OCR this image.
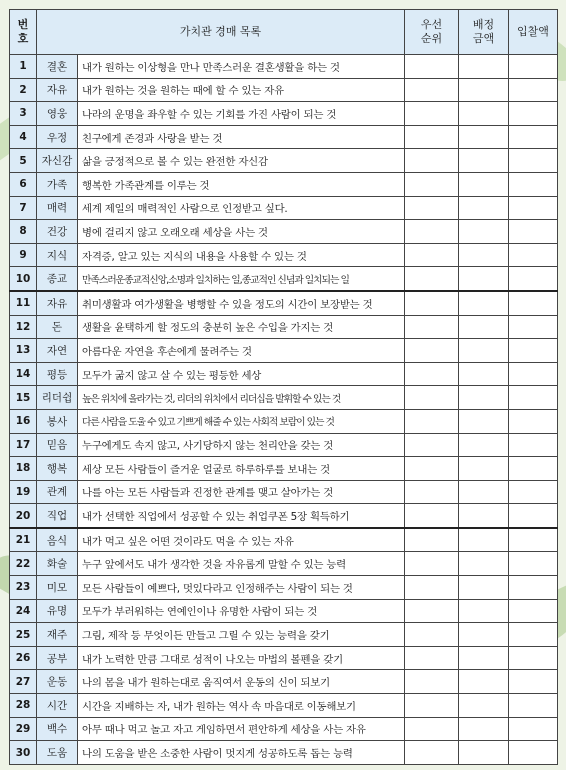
번호	가치관 경매 목록		우선순위	배정금액	입찰액
1	결혼	내가 원하는 이상형을 만나 만족스러운 결혼생활을 하는 것			
2	자유	내가 원하는 것을 원하는 때에 할 수 있는 자유			
3	영웅	나라의 운명을 좌우할 수 있는 기회를 가진 사람이 되는 것			
4	우정	친구에게 존경과 사랑을 받는 것			
5	자신감	삶을 긍정적으로 볼 수 있는 완전한 자신감			
6	가족	행복한 가족관계를 이루는 것			
7	매력	세계 제일의 매력적인 사람으로 인정받고 싶다.			
8	건강	병에 걸리지 않고 오래오래 세상을 사는 것			
9	지식	자격증, 알고 있는 지식의 내용을 사용할 수 있는 것			
10	종교	만족스러운종교적신앙,소명과 일치하는 일,종교적인 신념과 일치되는 일			
11	자유	취미생활과 여가생활을 병행할 수 있을 정도의 시간이 보장받는 것			
12	돈	생활을 윤택하게 할 정도의 충분히 높은 수입을 가지는 것			
13	자연	아름다운 자연을 후손에게 물려주는 것			
14	평등	모두가 굶지 않고 살 수 있는 평등한 세상			
15	리더쉽	높은 위치에 올라가는 것, 리더의 위치에서 리더십을 발휘할 수 있는 것			
16	봉사	다른 사람을 도울 수 있고 기쁘게 해줄 수 있는 사회적 보람이 있는 것			
17	믿음	누구에게도 속지 않고, 사기당하지 않는 천리안을 갖는 것			
18	행복	세상 모든 사람들이 즐거운 얼굴로 하루하루를 보내는 것			
19	관계	나를 아는 모든 사람들과 진정한 관계를 맺고 살아가는 것			
20	직업	내가 선택한 직업에서 성공할 수 있는 취업쿠폰 5장 획득하기			
21	음식	내가 먹고 싶은 어떤 것이라도 먹을 수 있는 자유			
22	화술	누구 앞에서도 내가 생각한 것을 자유롭게 말할 수 있는 능력			
23	미모	모든 사람들이 예쁘다, 멋있다라고 인정해주는 사람이 되는 것			
24	유명	모두가 부러워하는 연예인이나 유명한 사람이 되는 것			
25	재주	그림, 제작 등 무엇이든 만들고 그릴 수 있는 능력을 갖기			
26	공부	내가 노력한 만큼 그대로 성적이 나오는 마법의 볼펜을 갖기			
27	운동	나의 몸을 내가 원하는대로 움직여서 운동의 신이 되보기			
28	시간	시간을 지배하는 자, 내가 원하는 역사 속 마음대로 이동해보기			
29	백수	아무 때나 먹고 놀고 자고 게임하면서 편안하게 세상을 사는 자유			
30	도움	나의 도움을 받은 소중한 사람이 멋지게 성공하도록 돕는 능력			
